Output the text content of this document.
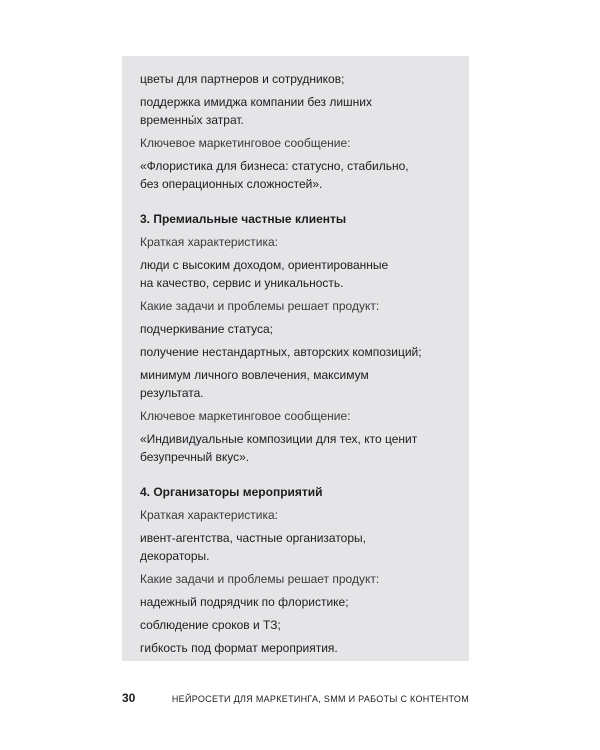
цветы для партнеров и сотрудников;

поддержка имиджа компании без лишних
временны́х затрат.

Ключевое маркетинговое сообщение:

«Флористика для бизнеса: статусно, стабильно,
без операционных сложностей».

3. Премиальные частные клиенты

Краткая характеристика:

люди с высоким доходом, ориентированные
на качество, сервис и уникальность.

Какие задачи и проблемы решает продукт:

подчеркивание статуса;

получение нестандартных, авторских композиций;

минимум личного вовлечения, максимум
результата.

Ключевое маркетинговое сообщение:

«Индивидуальные композиции для тех, кто ценит
безупречный вкус».

4. Организаторы мероприятий

Краткая характеристика:

ивент-агентства, частные организаторы,
декораторы.

Какие задачи и проблемы решает продукт:

надежный подрядчик по флористике;

соблюдение сроков и ТЗ;

гибкость под формат мероприятия.

30	НЕЙРОСЕТИ ДЛЯ МАРКЕТИНГА, SMM И РАБОТЫ С КОНТЕНТОМ
